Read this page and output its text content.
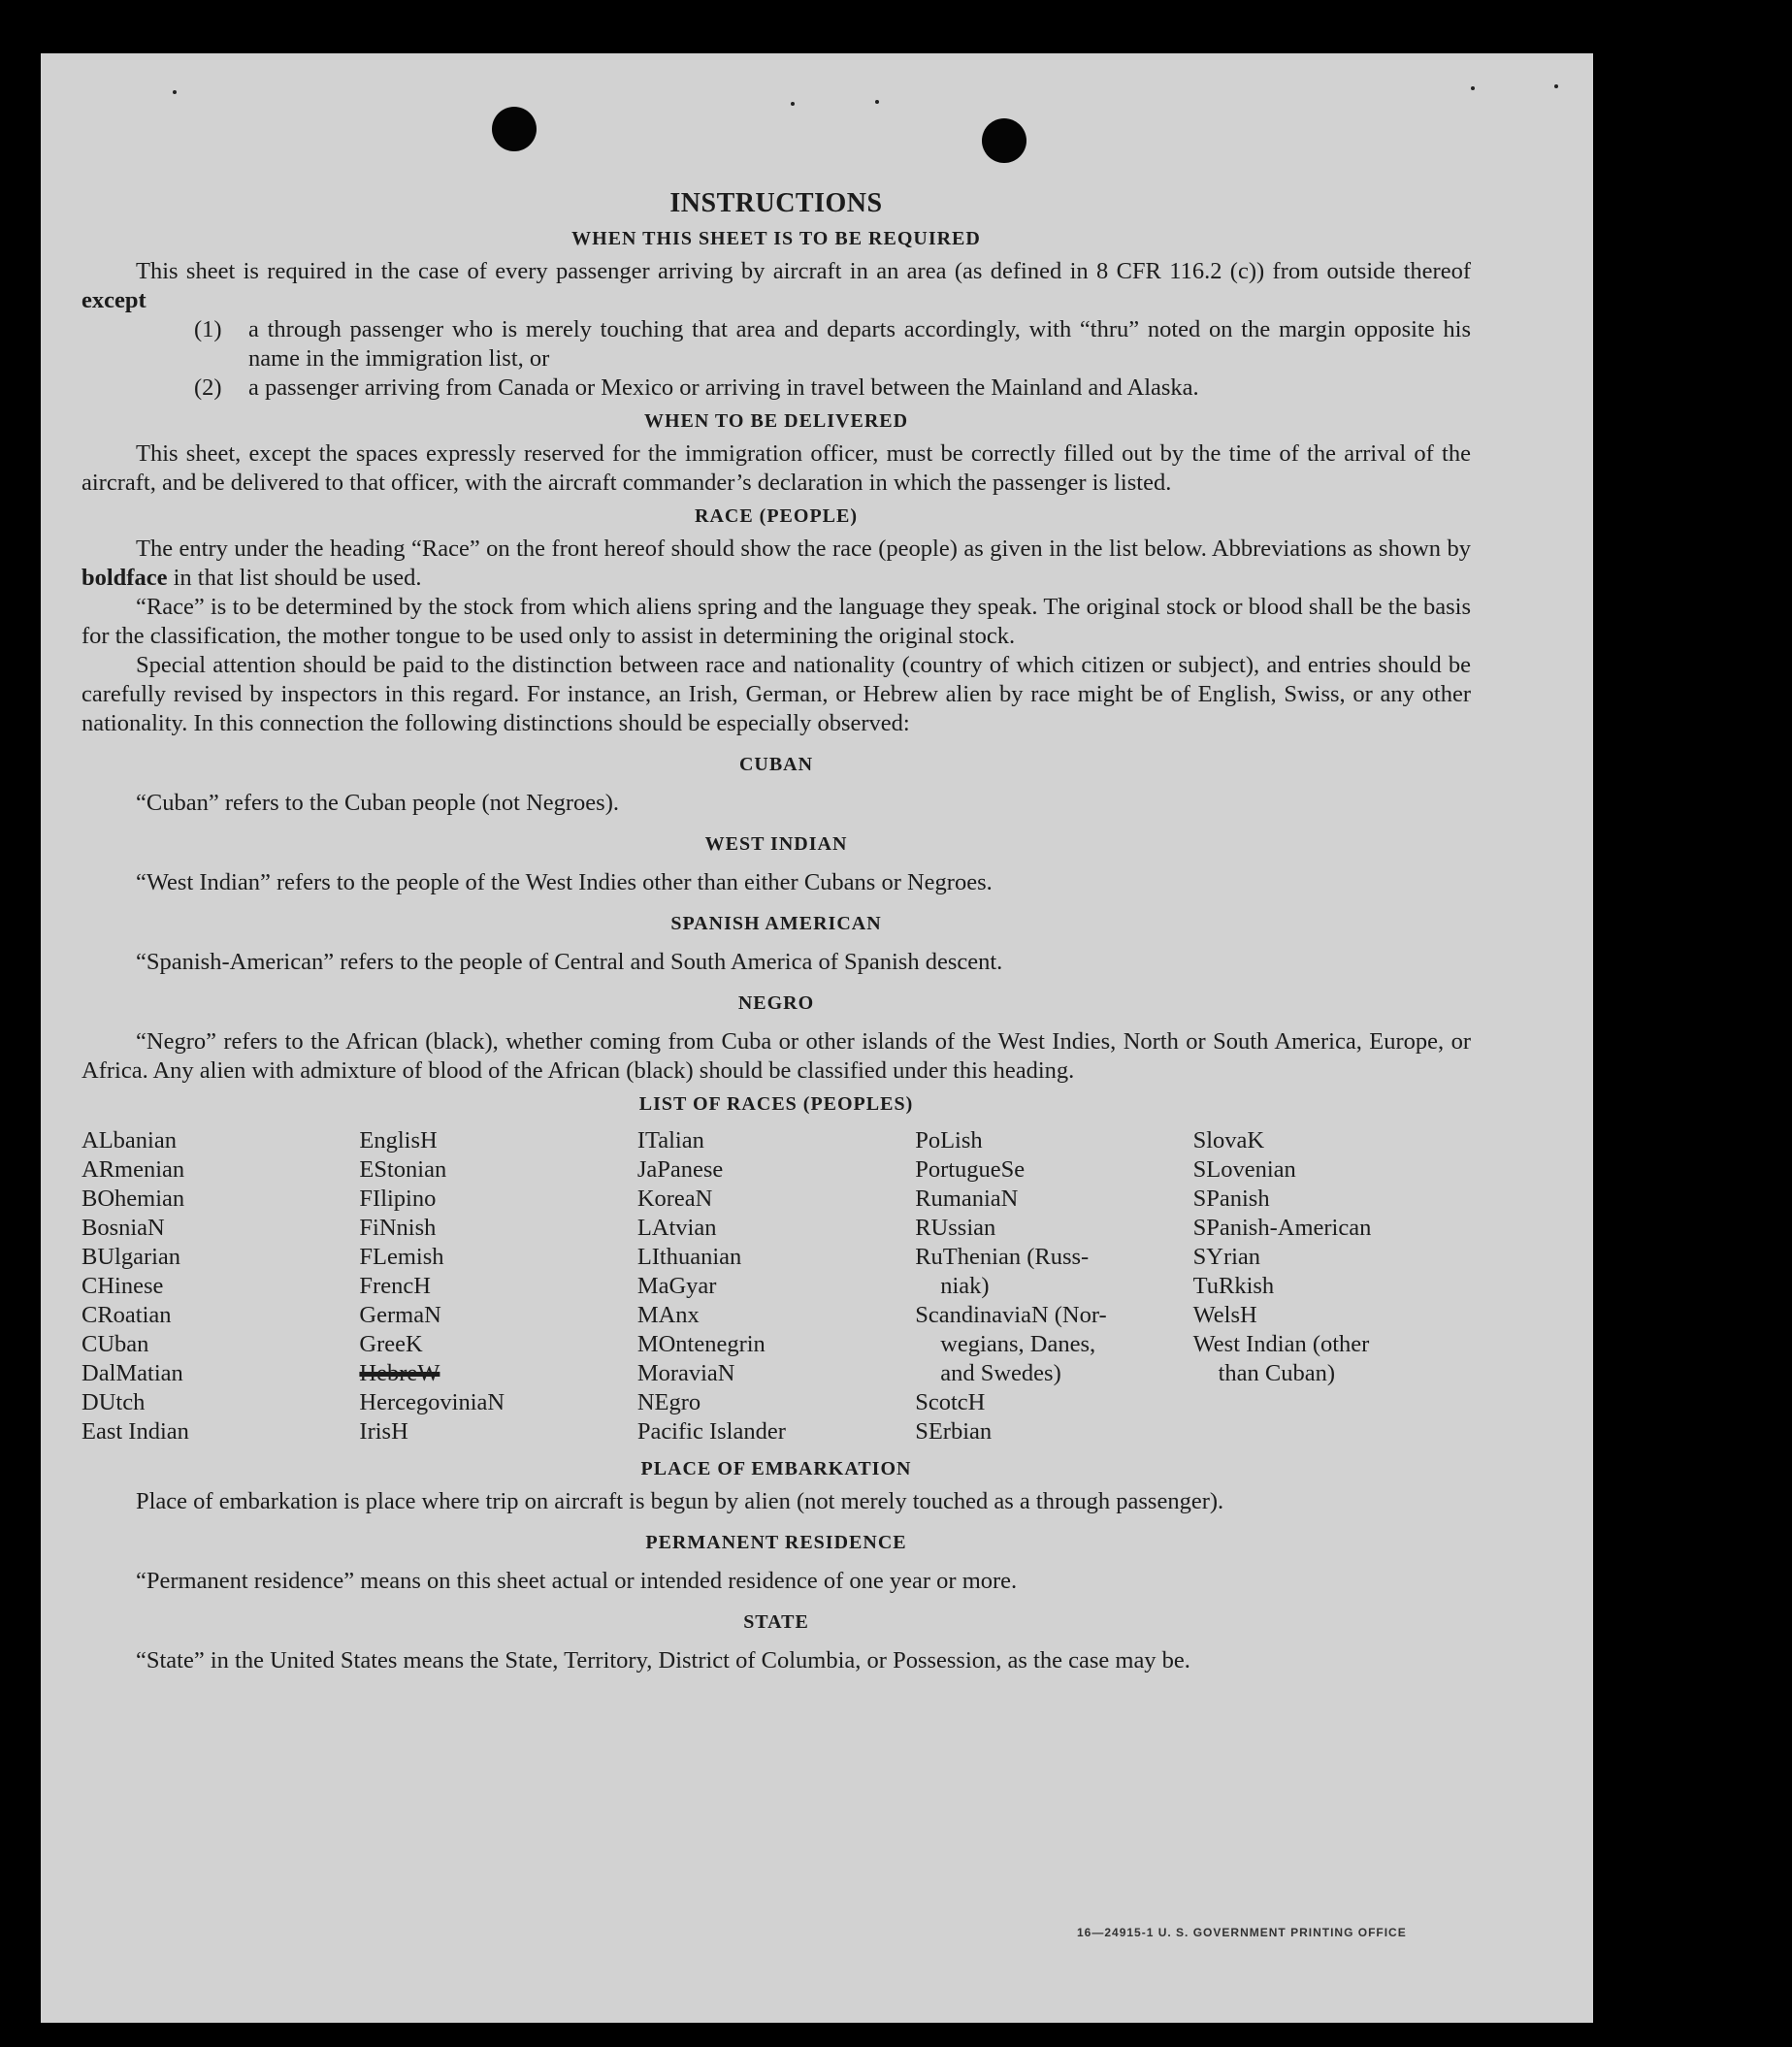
INSTRUCTIONS
WHEN THIS SHEET IS TO BE REQUIRED

This sheet is required in the case of every passenger arriving by aircraft in an area (as defined in 8 CFR 116.2 (c)) from outside thereof except

(1)	a through passenger who is merely touching that area and departs accordingly, with “thru” noted on the margin opposite his name in the immigration list, or

(2)	a passenger arriving from Canada or Mexico or arriving in travel between the Mainland and Alaska.

WHEN TO BE DELIVERED

This sheet, except the spaces expressly reserved for the immigration officer, must be correctly filled out by the time of the arrival of the aircraft, and be delivered to that officer, with the aircraft commander’s declaration in which the passenger is listed.

RACE (PEOPLE)

The entry under the heading “Race” on the front hereof should show the race (people) as given in the list below. Abbreviations as shown by boldface in that list should be used.

“Race” is to be determined by the stock from which aliens spring and the language they speak. The original stock or blood shall be the basis for the classification, the mother tongue to be used only to assist in determining the original stock.

Special attention should be paid to the distinction between race and nationality (country of which citizen or subject), and entries should be carefully revised by inspectors in this regard. For instance, an Irish, German, or Hebrew alien by race might be of English, Swiss, or any other nationality. In this connection the following distinctions should be especially observed:

CUBAN

“Cuban” refers to the Cuban people (not Negroes).

WEST INDIAN

“West Indian” refers to the people of the West Indies other than either Cubans or Negroes.

SPANISH AMERICAN

“Spanish-American” refers to the people of Central and South America of Spanish descent.

NEGRO

“Negro” refers to the African (black), whether coming from Cuba or other islands of the West Indies, North or South America, Europe, or Africa. Any alien with admixture of blood of the African (black) should be classified under this heading.

LIST OF RACES (PEOPLES)
ALbanian
ARmenian
BOhemian
BosniaN
BUlgarian
CHinese
CRoatian
CUban
DalMatian
DUtch
East Indian
EnglisH
EStonian
FIlipino
FiNnish
FLemish
FrencH
GermaN
GreeK
HebreW
HercegoviniaN
IrisH
ITalian
JaPanese
KoreaN
LAtvian
LIthuanian
MaGyar
MAnx
MOntenegrin
MoraviaN
NEgro
Pacific Islander
PoLish
PortugueSe
RumaniaN
RUssian
RuThenian (Russ-
niak)
ScandinaviaN (Nor-
wegians, Danes,
and Swedes)
ScotcH
SErbian
SlovaK
SLovenian
SPanish
SPanish-American
SYrian
TuRkish
WelsH
West Indian (other
than Cuban)
PLACE OF EMBARKATION

Place of embarkation is place where trip on aircraft is begun by alien (not merely touched as a through passenger).

PERMANENT RESIDENCE

“Permanent residence” means on this sheet actual or intended residence of one year or more.

STATE

“State” in the United States means the State, Territory, District of Columbia, or Possession, as the case may be.

16—24915-1 U. S. GOVERNMENT PRINTING OFFICE
